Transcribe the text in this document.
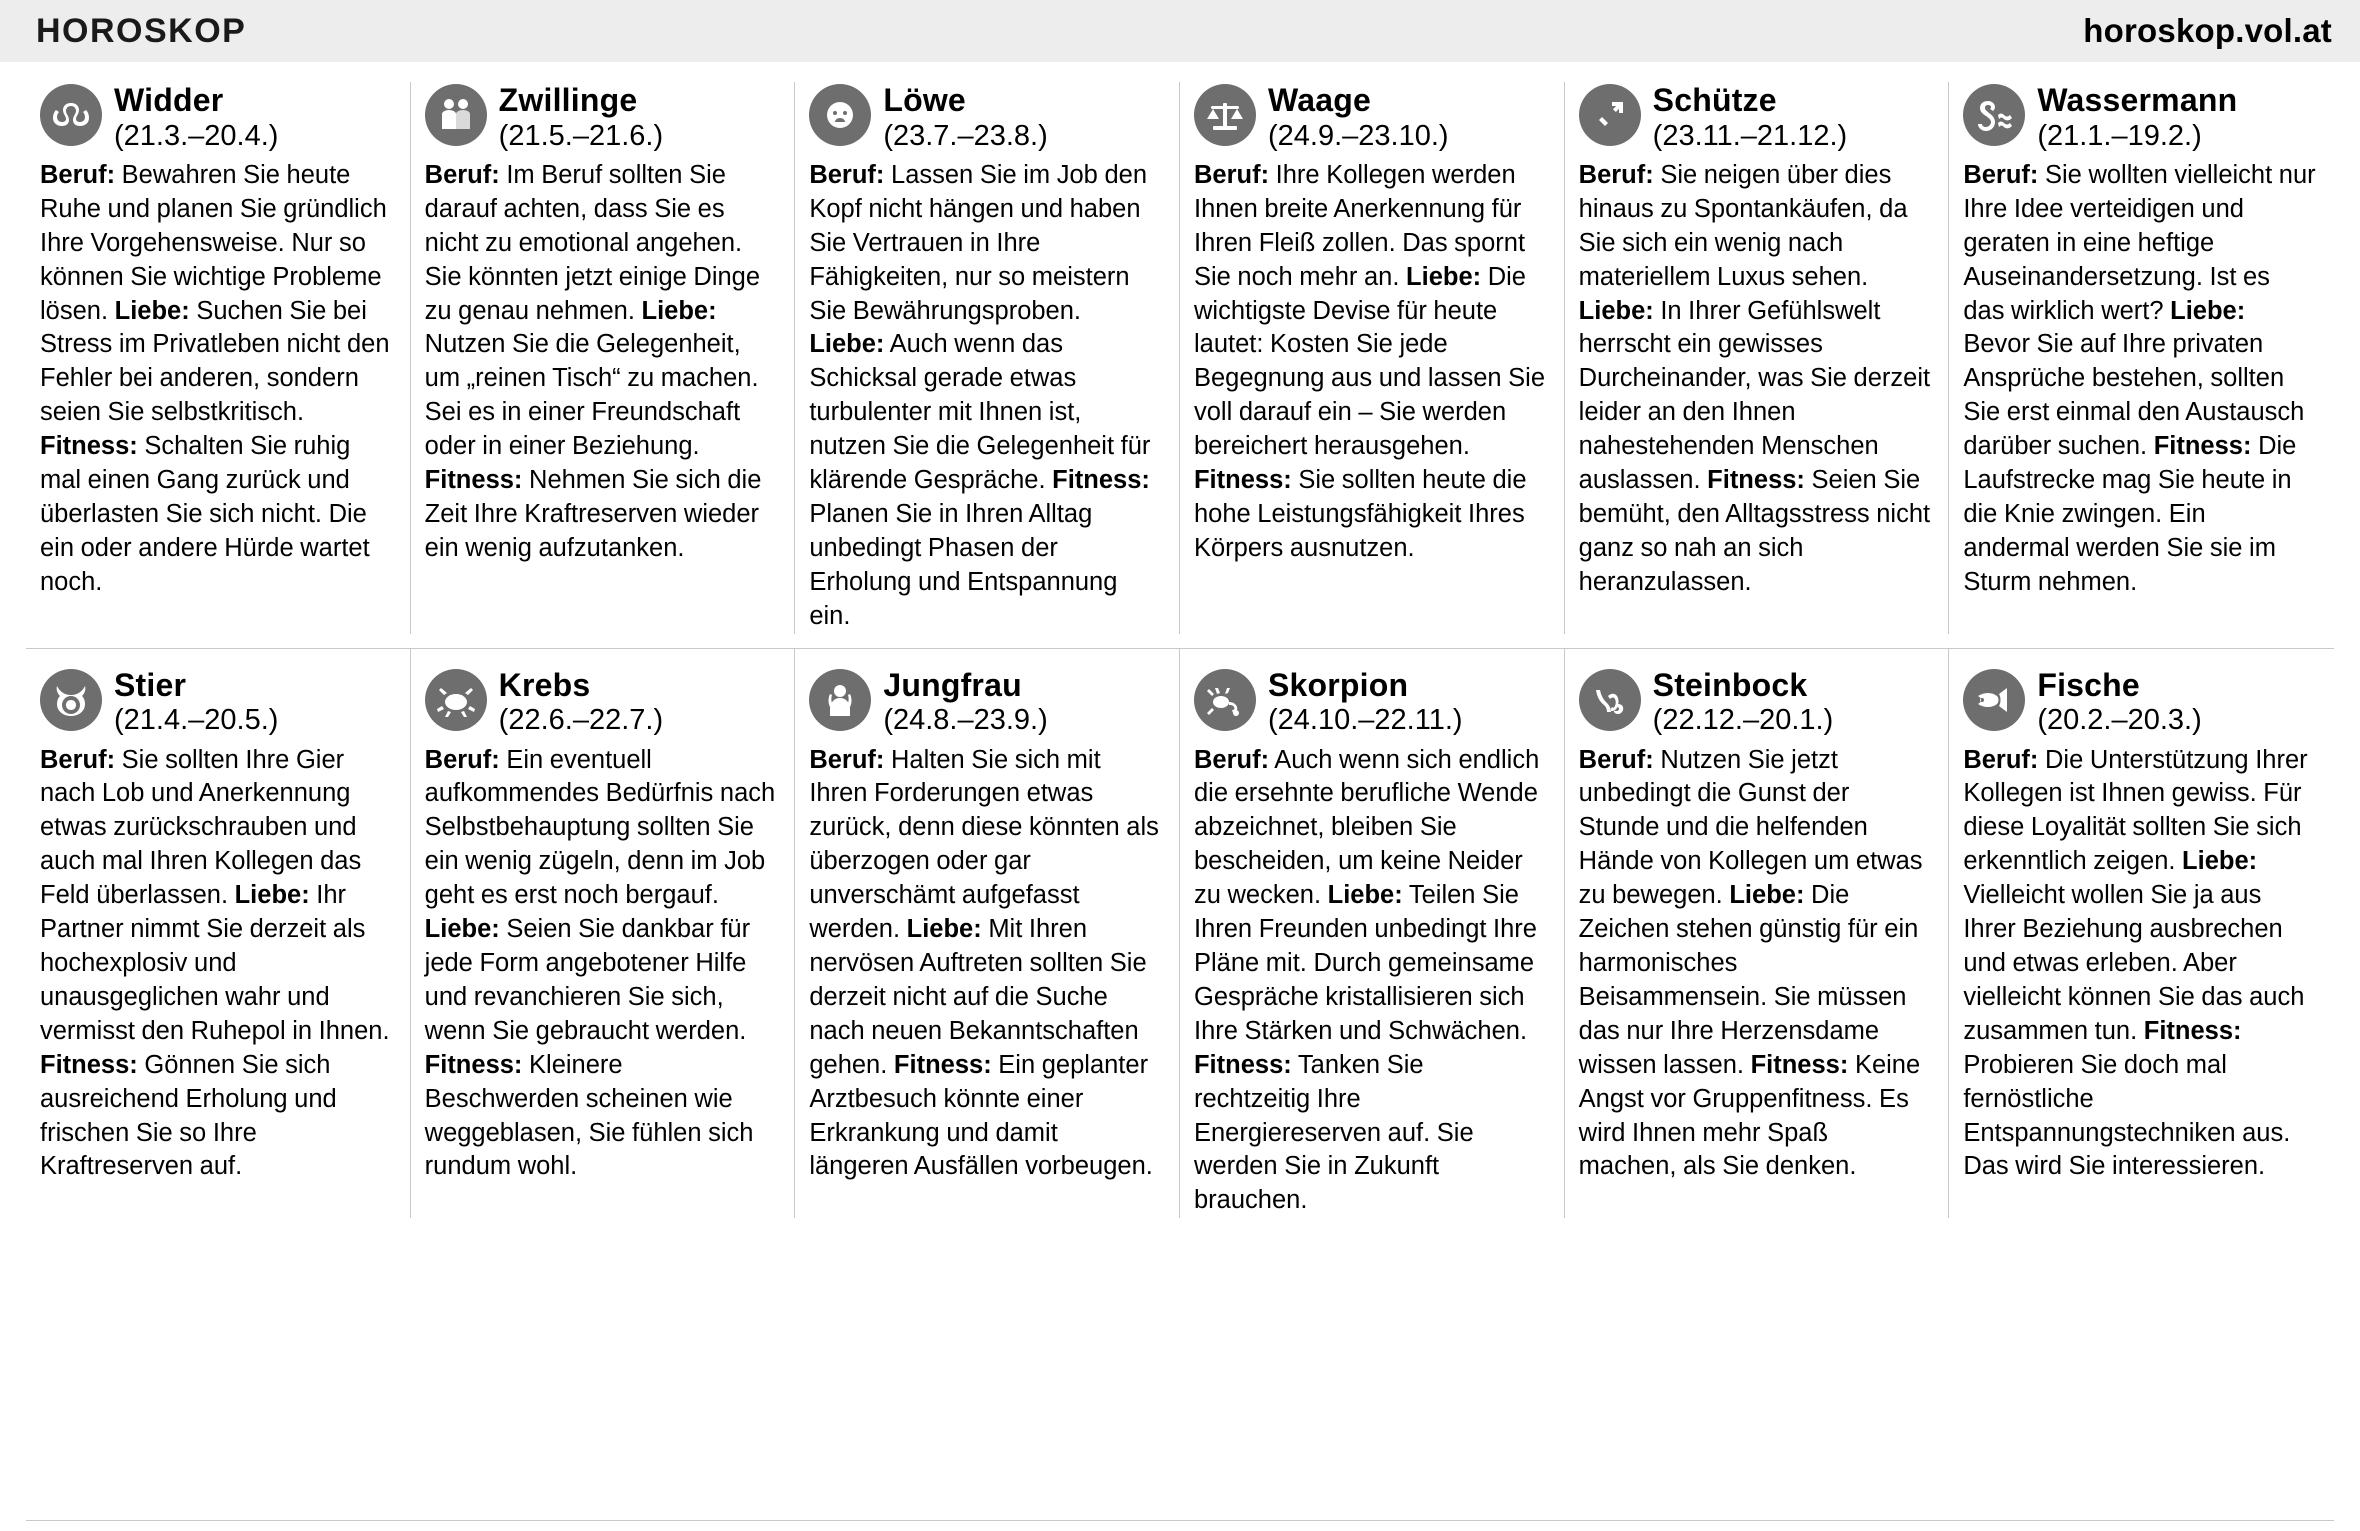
HOROSKOP	horoskop.vol.at
Widder
(21.3.–20.4.)
Beruf: Bewahren Sie heute Ruhe und planen Sie gründlich Ihre Vorgehensweise. Nur so können Sie wichtige Probleme lösen. Liebe: Suchen Sie bei Stress im Privatleben nicht den Fehler bei anderen, sondern seien Sie selbstkritisch. Fitness: Schalten Sie ruhig mal einen Gang zurück und überlasten Sie sich nicht. Die ein oder andere Hürde wartet noch.
Zwillinge
(21.5.–21.6.)
Beruf: Im Beruf sollten Sie darauf achten, dass Sie es nicht zu emotional angehen. Sie könnten jetzt einige Dinge zu genau nehmen. Liebe: Nutzen Sie die Gelegenheit, um „reinen Tisch“ zu machen. Sei es in einer Freundschaft oder in einer Beziehung. Fitness: Nehmen Sie sich die Zeit Ihre Kraftreserven wieder ein wenig aufzutanken.
Löwe
(23.7.–23.8.)
Beruf: Lassen Sie im Job den Kopf nicht hängen und haben Sie Vertrauen in Ihre Fähigkeiten, nur so meistern Sie Bewährungsproben. Liebe: Auch wenn das Schicksal gerade etwas turbulenter mit Ihnen ist, nutzen Sie die Gelegenheit für klärende Gespräche. Fitness: Planen Sie in Ihren Alltag unbedingt Phasen der Erholung und Entspannung ein.
Waage
(24.9.–23.10.)
Beruf: Ihre Kollegen werden Ihnen breite Anerkennung für Ihren Fleiß zollen. Das spornt Sie noch mehr an. Liebe: Die wichtigste Devise für heute lautet: Kosten Sie jede Begegnung aus und lassen Sie voll darauf ein – Sie werden bereichert herausgehen. Fitness: Sie sollten heute die hohe Leistungsfähigkeit Ihres Körpers ausnutzen.
Schütze
(23.11.–21.12.)
Beruf: Sie neigen über dies hinaus zu Spontankäufen, da Sie sich ein wenig nach materiellem Luxus sehen. Liebe: In Ihrer Gefühlswelt herrscht ein gewisses Durcheinander, was Sie derzeit leider an den Ihnen nahestehenden Menschen auslassen. Fitness: Seien Sie bemüht, den Alltagsstress nicht ganz so nah an sich heranzulassen.
Wassermann
(21.1.–19.2.)
Beruf: Sie wollten vielleicht nur Ihre Idee verteidigen und geraten in eine heftige Auseinandersetzung. Ist es das wirklich wert? Liebe: Bevor Sie auf Ihre privaten Ansprüche bestehen, sollten Sie erst einmal den Austausch darüber suchen. Fitness: Die Laufstrecke mag Sie heute in die Knie zwingen. Ein andermal werden Sie sie im Sturm nehmen.
Stier
(21.4.–20.5.)
Beruf: Sie sollten Ihre Gier nach Lob und Anerkennung etwas zurückschrauben und auch mal Ihren Kollegen das Feld überlassen. Liebe: Ihr Partner nimmt Sie derzeit als hochexplosiv und unausgeglichen wahr und vermisst den Ruhepol in Ihnen. Fitness: Gönnen Sie sich ausreichend Erholung und frischen Sie so Ihre Kraftreserven auf.
Krebs
(22.6.–22.7.)
Beruf: Ein eventuell aufkommendes Bedürfnis nach Selbstbehauptung sollten Sie ein wenig zügeln, denn im Job geht es erst noch bergauf. Liebe: Seien Sie dankbar für jede Form angebotener Hilfe und revanchieren Sie sich, wenn Sie gebraucht werden. Fitness: Kleinere Beschwerden scheinen wie weggeblasen, Sie fühlen sich rundum wohl.
Jungfrau
(24.8.–23.9.)
Beruf: Halten Sie sich mit Ihren Forderungen etwas zurück, denn diese könnten als überzogen oder gar unverschämt aufgefasst werden. Liebe: Mit Ihren nervösen Auftreten sollten Sie derzeit nicht auf die Suche nach neuen Bekanntschaften gehen. Fitness: Ein geplanter Arztbesuch könnte einer Erkrankung und damit längeren Ausfällen vorbeugen.
Skorpion
(24.10.–22.11.)
Beruf: Auch wenn sich endlich die ersehnte berufliche Wende abzeichnet, bleiben Sie bescheiden, um keine Neider zu wecken. Liebe: Teilen Sie Ihren Freunden unbedingt Ihre Pläne mit. Durch gemeinsame Gespräche kristallisieren sich Ihre Stärken und Schwächen. Fitness: Tanken Sie rechtzeitig Ihre Energiereserven auf. Sie werden Sie in Zukunft brauchen.
Steinbock
(22.12.–20.1.)
Beruf: Nutzen Sie jetzt unbedingt die Gunst der Stunde und die helfenden Hände von Kollegen um etwas zu bewegen. Liebe: Die Zeichen stehen günstig für ein harmonisches Beisammensein. Sie müssen das nur Ihre Herzensdame wissen lassen. Fitness: Keine Angst vor Gruppenfitness. Es wird Ihnen mehr Spaß machen, als Sie denken.
Fische
(20.2.–20.3.)
Beruf: Die Unterstützung Ihrer Kollegen ist Ihnen gewiss. Für diese Loyalität sollten Sie sich erkenntlich zeigen. Liebe: Vielleicht wollen Sie ja aus Ihrer Beziehung ausbrechen und etwas erleben. Aber vielleicht können Sie das auch zusammen tun. Fitness: Probieren Sie doch mal fernöstliche Entspannungstechniken aus. Das wird Sie interessieren.
